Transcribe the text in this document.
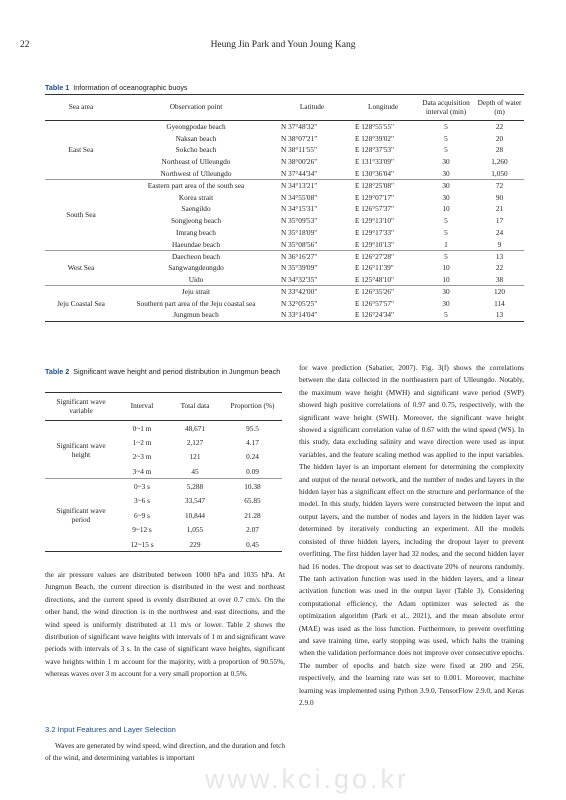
22	Heung Jin Park and Youn Joung Kang
Table 1 Information of oceanographic buoys
Sea area	Observation point	Latitude	Longitude	Data acquisition interval (min)	Depth of water (m)
East Sea	Gyeongpodae beach	N 37°48'32"	E 128°55'55"	5	22
	Naksan beach	N 38°07'21"	E 128°39'02"	5	20
	Sokcho beach	N 38°11'55"	E 128°37'53"	5	28
	Northeast of Ulleungdo	N 38°00'26"	E 131°33'09"	30	1,260
	Northwest of Ulleungdo	N 37°44'34"	E 130°36'04"	30	1,050
South Sea	Eastern part area of the south sea	N 34°13'21"	E 128°25'08"	30	72
	Korea strait	N 34°55'08"	E 129°07'17"	30	90
	Saengildo	N 34°15'31"	E 126°57'37"	10	21
	Songjeong beach	N 35°09'53"	E 129°13'10"	5	17
	Imrang beach	N 35°18'09"	E 129°17'33"	5	24
	Haeundae beach	N 35°08'56"	E 129°10'13"	1	9
West Sea	Daecheon beach	N 36°16'27"	E 126°27'28"	5	13
	Sangwangdeungdo	N 35°39'09"	E 126°11'39"	10	22
	Uido	N 34°32'35"	E 125°48'10"	10	38
Jeju Coastal Sea	Jeju strait	N 33°42'00"	E 126°35'26"	30	120
	Southern part area of the Jeju coastal sea	N 32°05'25"	E 126°57'57"	30	114
	Jungmun beach	N 33°14'04"	E 126°24'34"	5	13
Table 2 Significant wave height and period distribution in Jungmun beach
Significant wave variable	Interval	Total data	Proportion (%)
Significant wave height	0~1 m	48,671	95.5
	1~2 m	2,127	4.17
	2~3 m	121	0.24
	3~4 m	45	0.09
Significant wave period	0~3 s	5,288	10.38
	3~6 s	33,547	65.85
	6~9 s	10,844	21.28
	9~12 s	1,055	2.07
	12~15 s	229	0.45
the air pressure values are distributed between 1000 hPa and 1035 hPa. At Jungmun Beach, the current direction is distributed in the west and northeast directions, and the current speed is evenly distributed at over 0.7 cm/s. On the other hand, the wind direction is in the northwest and east directions, and the wind speed is uniformly distributed at 11 m/s or lower. Table 2 shows the distribution of significant wave heights with intervals of 1 m and significant wave periods with intervals of 3 s. In the case of significant wave heights, significant wave heights within 1 m account for the majority, with a proportion of 90.55%, whereas waves over 3 m account for a very small proportion at 0.5%.
3.2 Input Features and Layer Selection
Waves are generated by wind speed, wind direction, and the duration and fetch of the wind, and determining variables is important
for wave prediction (Sabatier, 2007). Fig. 3(f) shows the correlations between the data collected in the northeastern part of Ulleungdo. Notably, the maximum wave height (MWH) and significant wave period (SWP) showed high positive correlations of 0.97 and 0.75, respectively, with the significant wave height (SWH). Moreover, the significant wave height showed a significant correlation value of 0.67 with the wind speed (WS). In this study, data excluding salinity and wave direction were used as input variables, and the feature scaling method was applied to the input variables. The hidden layer is an important element for determining the complexity and output of the neural network, and the number of nodes and layers in the hidden layer has a significant effect on the structure and performance of the model. In this study, hidden layers were constructed between the input and output layers, and the number of nodes and layers in the hidden layer was determined by iteratively conducting an experiment. All the models consisted of three hidden layers, including the dropout layer to prevent overfitting. The first hidden layer had 32 nodes, and the second hidden layer had 16 nodes. The dropout was set to deactivate 20% of neurons randomly. The tanh activation function was used in the hidden layers, and a linear activation function was used in the output layer (Table 3). Considering computational efficiency, the Adam optimizer was selected as the optimization algorithm (Park et al., 2021), and the mean absolute error (MAE) was used as the loss function. Furthermore, to prevent overfitting and save training time, early stopping was used, which halts the training when the validation performance does not improve over consecutive epochs. The number of epochs and batch size were fixed at 200 and 256, respectively, and the learning rate was set to 0.001. Moreover, machine learning was implemented using Python 3.9.0, TensorFlow 2.9.0, and Keras 2.9.0
www.kci.go.kr
